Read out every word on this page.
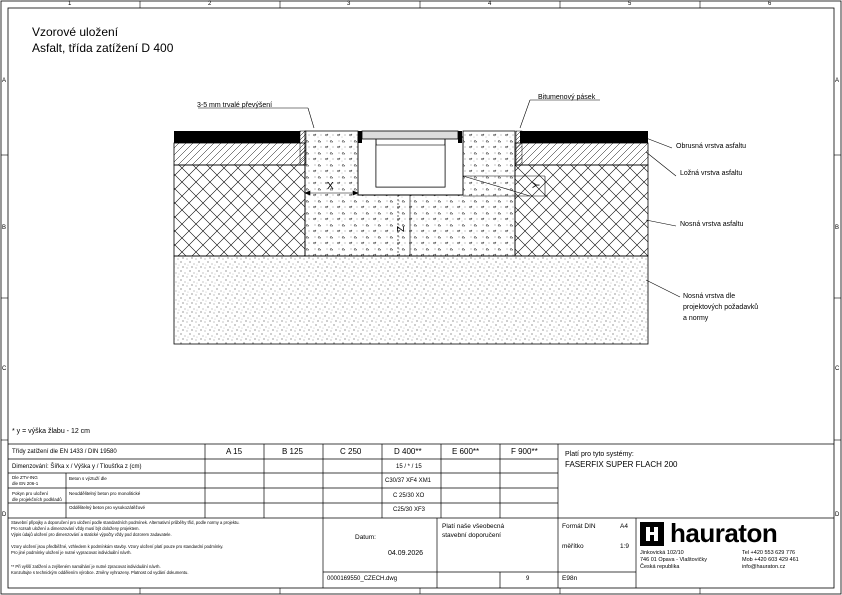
1	2	3	4	5	6
A
B
C
D
A
B
C
D
Vzorové uložení
Asfalt, třída zatížení D 400
3-5 mm trvalé převýšení
Bitumenový pásek
Obrusná vrstva asfaltu
Ložná vrstva asfaltu
Nosná vrstva asfaltu
Nosná vrstva dle
projektových požadavků
a normy
X	Y
Z
* y = výška žlabu - 12 cm
Třídy zatížení dle EN 1433 / DIN 19580	A 15	B 125	C 250	D 400**	E 600**	F 900**
Dimenzování: Šířka x / Výška y / Tloušťka z (cm)	15 / * / 15
Dle ZTV-ING
dle EN 206-1
Beton s výztuží dle	C30/37 XF4 XM1
Pokyn pro uložení
dle projekčních podkladů
Neoddělitelný beton pro monolitické	C 25/30 XO
Oddělitelný beton pro vysokozátěžové	C25/30 XF3
Stavební připojky a doporučení pro uložení podle standardních podmínek. Alternativní průběhy tříd, podle normy a projektu.
Pro rozsah uložení a dimenzování vždy musí být doloženy projektem.
Výpis údajů uložení pro dimenzování a statické výpočty vždy pod dozorem zadavatele.
Vzory uložení jsou předběžné, vzhledem k podmínkám stavby. Vzory uložení platí pouze pro standardní podmínky.
Pro jiné podmínky uložení je nutné vypracovat individuální návrh.
** Při vyšší zatížení a zvýšeném namáhání je nutné zpracovat individuální návrh.
Konzultujte s technickým oddělením výrobce. Změny vyhrazeny. Platnost od vydání dokumentu.
Datum:
04.09.2026
Platí naše všeobecná
stavební doporučení
0000169550_CZECH.dwg	9
Platí pro tyto systémy:
FASERFIX SUPER FLACH 200
Formát DIN	A4
měřítko	1:9
E98n
hauraton
Jinkovická 102/10
746 01 Opava - Vlaštovičky
Česká republika
Tel +420 553 629 776
Mob +420 603 429 461
info@hauraton.cz
